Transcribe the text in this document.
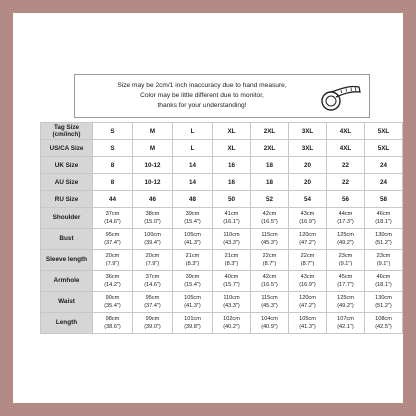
Size may be 2cm/1 inch inaccuracy due to hand measure,
Color may be little different due to monitor,
thanks for your understanding!
Tag Size
(cm/inch)	S	M	L	XL	2XL	3XL	4XL	5XL

US/CA Size	S	M	L	XL	2XL	3XL	4XL	5XL

UK Size	8	10-12	14	16	18	20	22	24

AU Size	8	10-12	14	16	18	20	22	24

RU Size	44	46	48	50	52	54	56	58
Shoulder	37cm
(14.6")	38cm
(15.0")	39cm
(15.4")	41cm
(16.1")	42cm
(16.5")	43cm
(16.9")	44cm
(17.3")	46cm
(18.1")

Bust	95cm
(37.4")	100cm
(39.4")	105cm
(41.3")	110cm
(43.3")	115cm
(45.3")	120cm
(47.2")	125cm
(49.2")	130cm
(51.2")

Sleeve length	20cm
(7.9")	20cm
(7.9")	21cm
(8.3")	21cm
(8.3")	22cm
(8.7")	22cm
(8.7")	23cm
(9.1")	23cm
(9.1")

Armhole	36cm
(14.2")	37cm
(14.6")	39cm
(15.4")	40cm
(15.7")	42cm
(16.5")	43cm
(16.9")	45cm
(17.7")	46cm
(18.1")

Waist	90cm
(35.4")	95cm
(37.4")	105cm
(41.3")	110cm
(43.3")	115cm
(45.3")	120cm
(47.2")	125cm
(49.2")	130cm
(51.2")

Length	98cm
(38.6")	99cm
(39.0")	101cm
(39.8")	102cm
(40.2")	104cm
(40.9")	105cm
(41.3")	107cm
(42.1")	108cm
(42.5")
